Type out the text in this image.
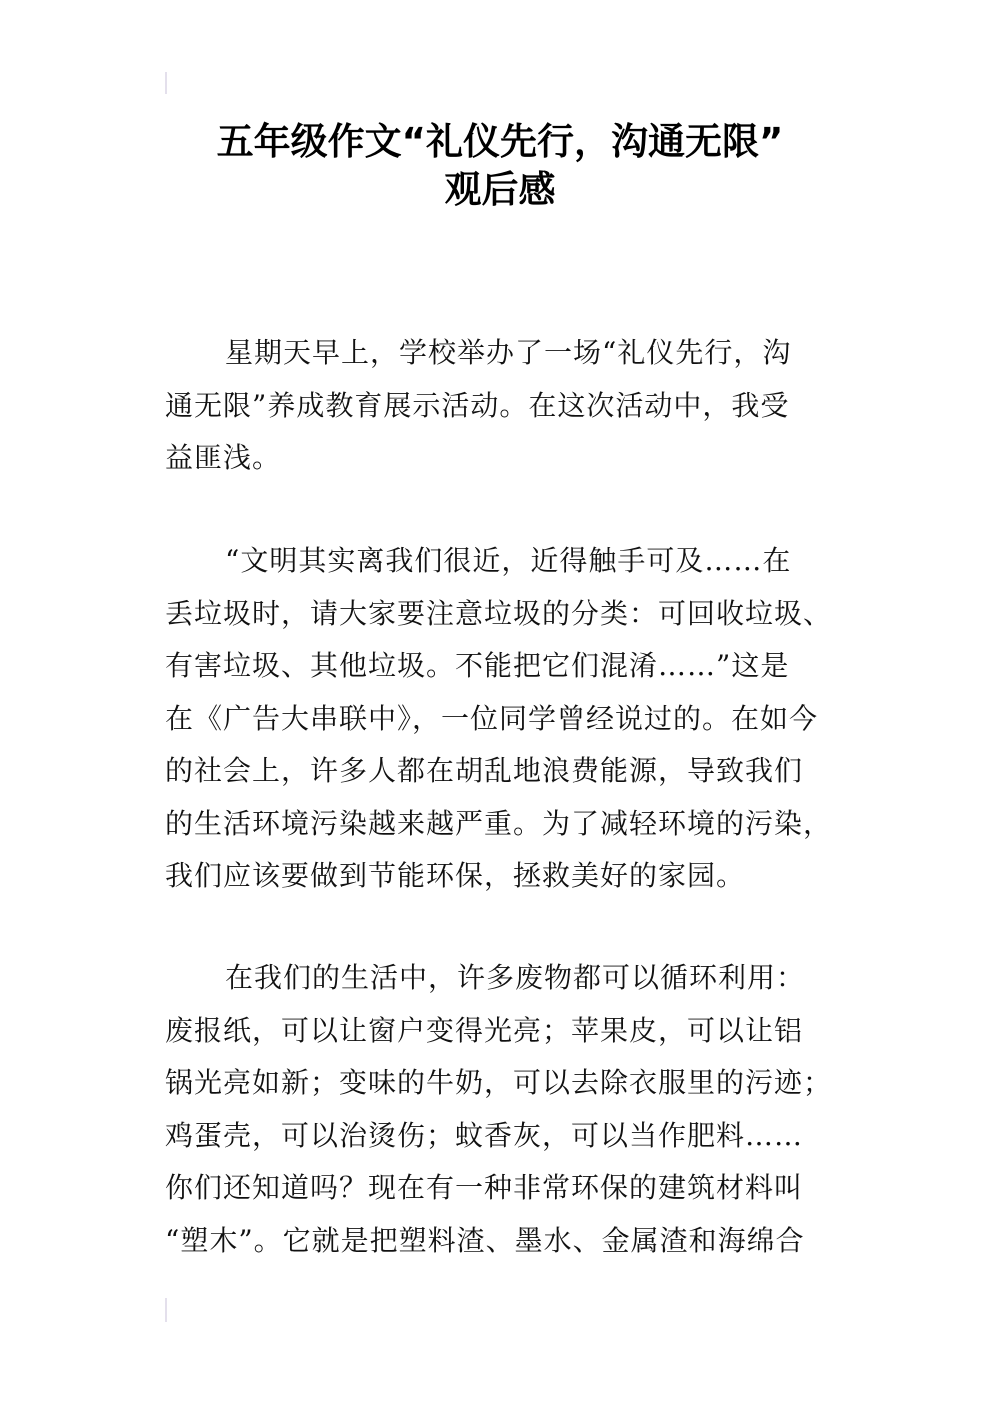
五年级作文“礼仪先行，沟通无限”
观后感
星期天早上，学校举办了一场“礼仪先行，沟
通无限”养成教育展示活动。在这次活动中，我受
益匪浅。
“文明其实离我们很近，近得触手可及……在
丢垃圾时，请大家要注意垃圾的分类：可回收垃圾、
有害垃圾、其他垃圾。不能把它们混淆……”这是
在《广告大串联中》，一位同学曾经说过的。在如今
的社会上，许多人都在胡乱地浪费能源，导致我们
的生活环境污染越来越严重。为了减轻环境的污染，
我们应该要做到节能环保，拯救美好的家园。
在我们的生活中，许多废物都可以循环利用：
废报纸，可以让窗户变得光亮；苹果皮，可以让铝
锅光亮如新；变味的牛奶，可以去除衣服里的污迹；
鸡蛋壳，可以治烫伤；蚊香灰，可以当作肥料……
你们还知道吗？现在有一种非常环保的建筑材料叫
“塑木”。它就是把塑料渣、墨水、金属渣和海绵合
